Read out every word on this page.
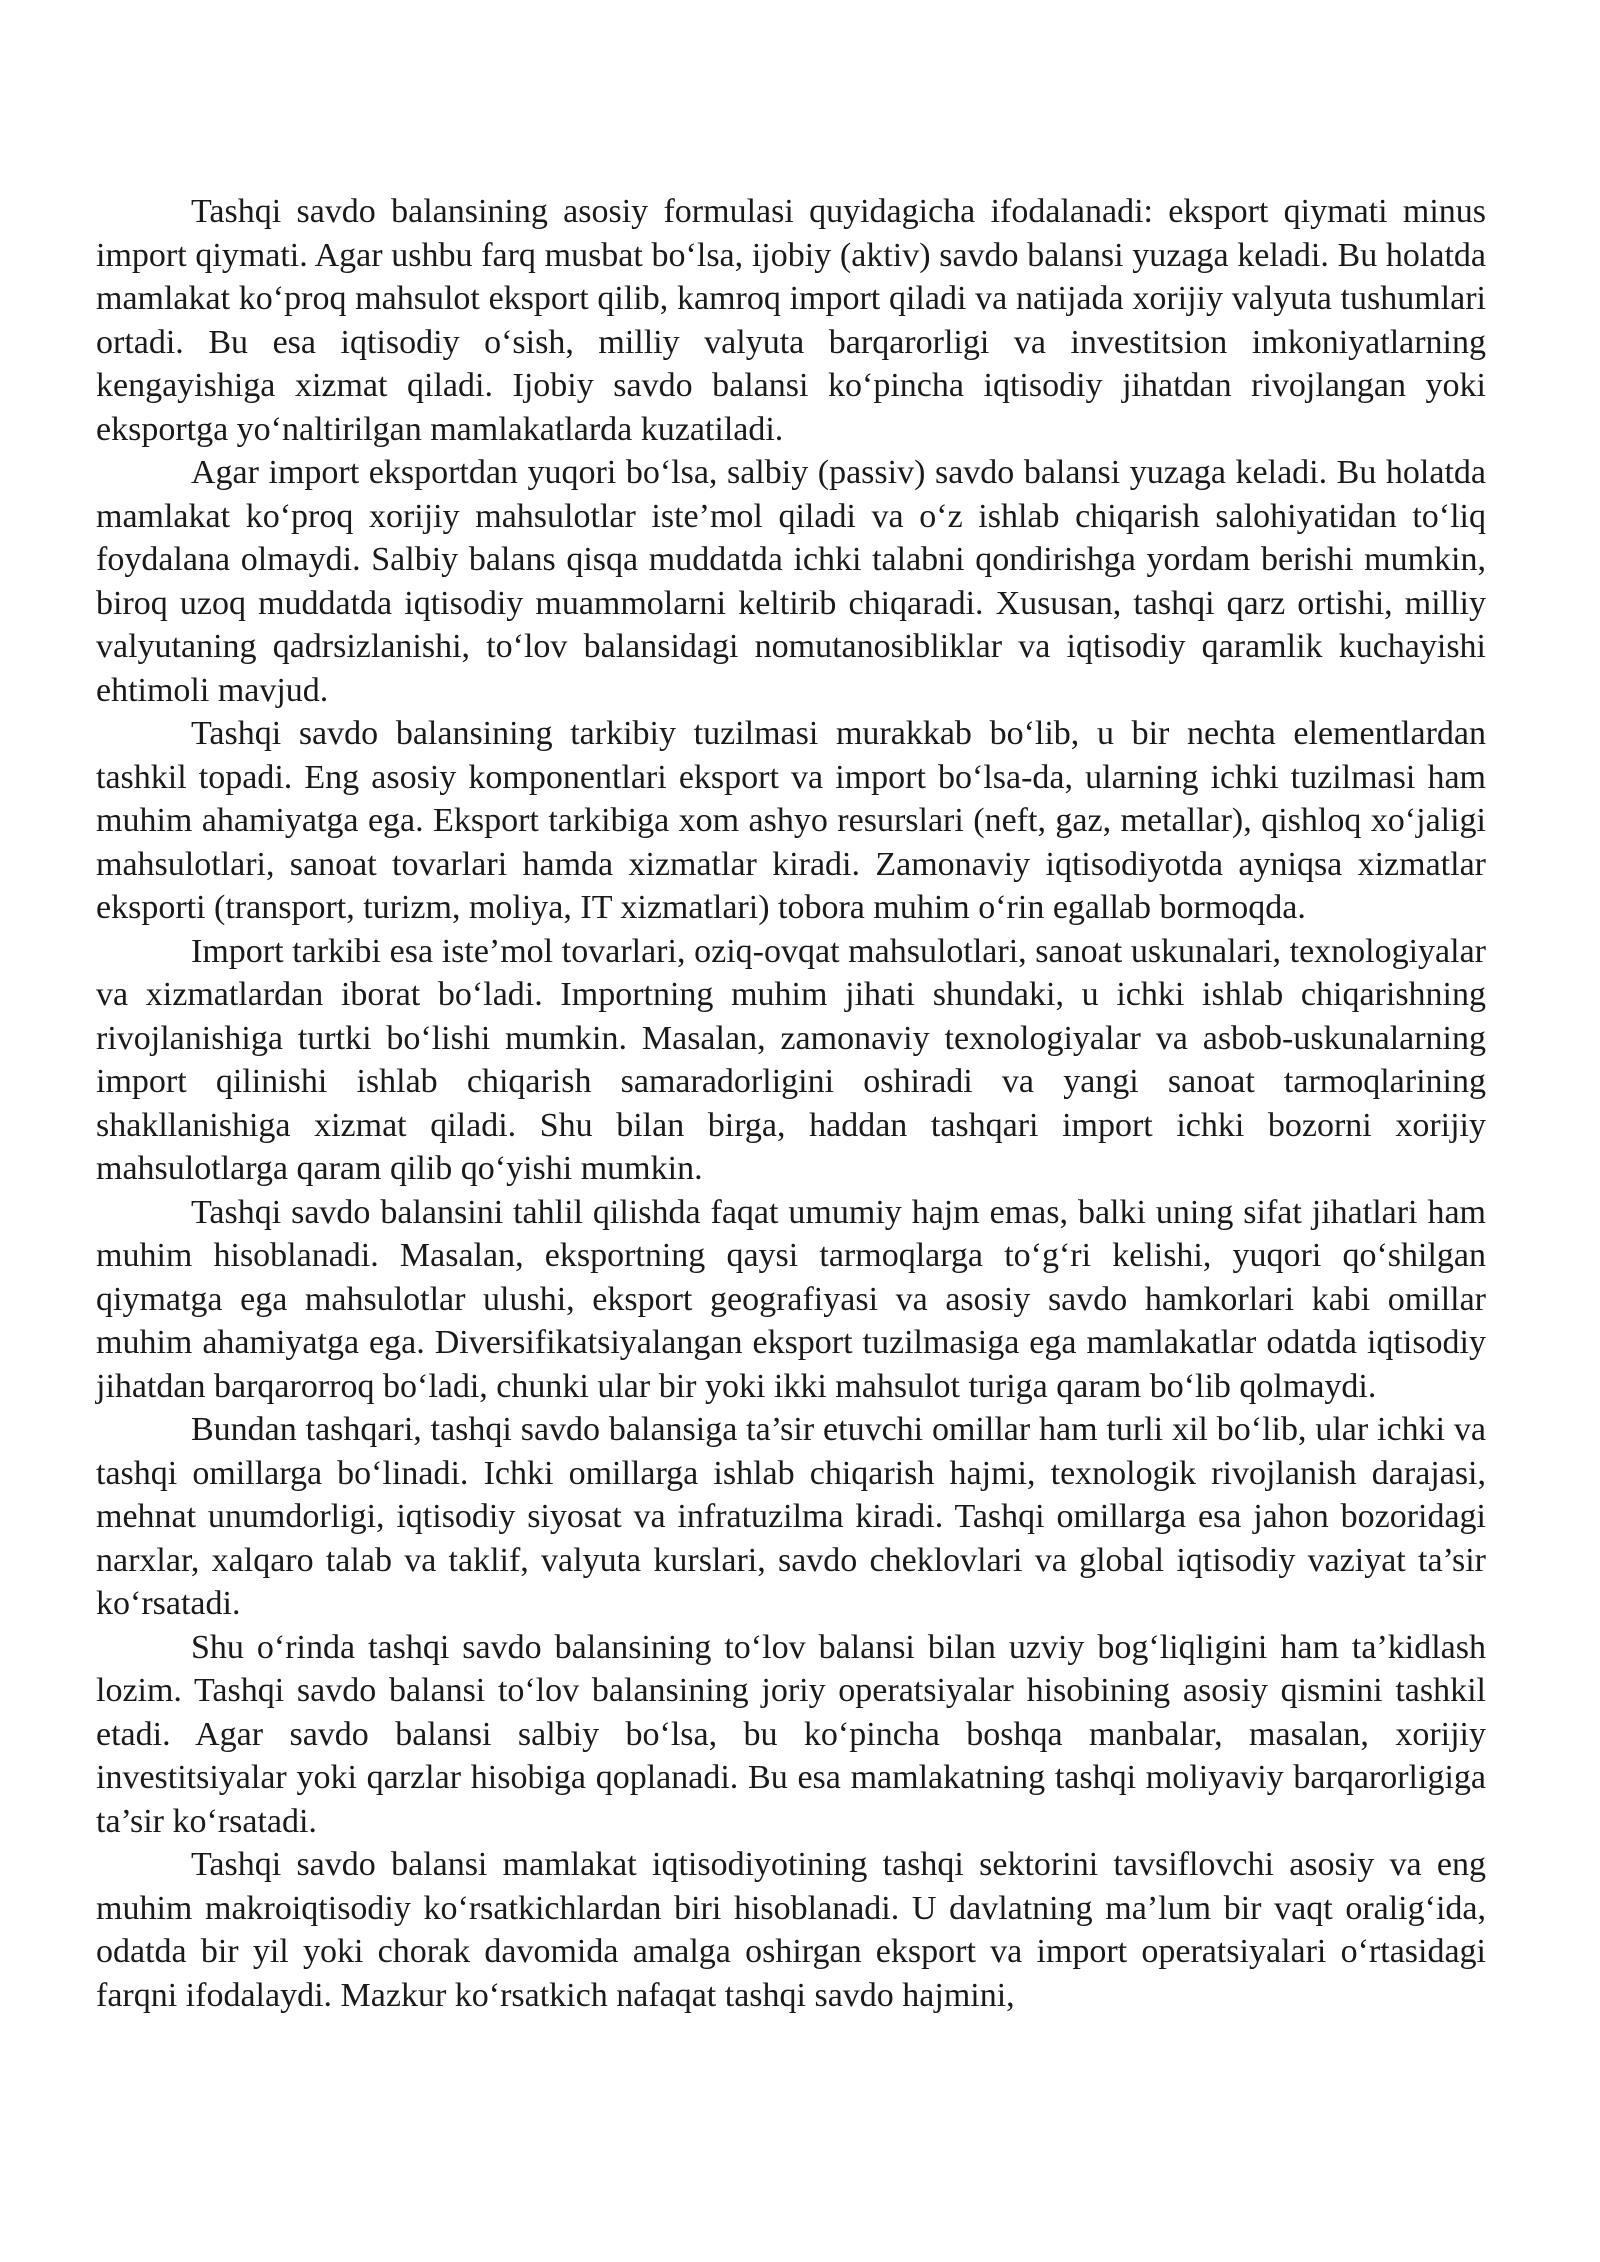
Tashqi savdo balansining asosiy formulasi quyidagicha ifodalanadi: eksport qiymati minus import qiymati. Agar ushbu farq musbat bo‘lsa, ijobiy (aktiv) savdo balansi yuzaga keladi. Bu holatda mamlakat ko‘proq mahsulot eksport qilib, kamroq import qiladi va natijada xorijiy valyuta tushumlari ortadi. Bu esa iqtisodiy o‘sish, milliy valyuta barqarorligi va investitsion imkoniyatlarning kengayishiga xizmat qiladi. Ijobiy savdo balansi ko‘pincha iqtisodiy jihatdan rivojlangan yoki eksportga yo‘naltirilgan mamlakatlarda kuzatiladi.

Agar import eksportdan yuqori bo‘lsa, salbiy (passiv) savdo balansi yuzaga keladi. Bu holatda mamlakat ko‘proq xorijiy mahsulotlar iste’mol qiladi va o‘z ishlab chiqarish salohiyatidan to‘liq foydalana olmaydi. Salbiy balans qisqa muddatda ichki talabni qondirishga yordam berishi mumkin, biroq uzoq muddatda iqtisodiy muammolarni keltirib chiqaradi. Xususan, tashqi qarz ortishi, milliy valyutaning qadrsizlanishi, to‘lov balansidagi nomutanosibliklar va iqtisodiy qaramlik kuchayishi ehtimoli mavjud.

Tashqi savdo balansining tarkibiy tuzilmasi murakkab bo‘lib, u bir nechta elementlardan tashkil topadi. Eng asosiy komponentlari eksport va import bo‘lsa-da, ularning ichki tuzilmasi ham muhim ahamiyatga ega. Eksport tarkibiga xom ashyo resurslari (neft, gaz, metallar), qishloq xo‘jaligi mahsulotlari, sanoat tovarlari hamda xizmatlar kiradi. Zamonaviy iqtisodiyotda ayniqsa xizmatlar eksporti (transport, turizm, moliya, IT xizmatlari) tobora muhim o‘rin egallab bormoqda.

Import tarkibi esa iste’mol tovarlari, oziq-ovqat mahsulotlari, sanoat uskunalari, texnologiyalar va xizmatlardan iborat bo‘ladi. Importning muhim jihati shundaki, u ichki ishlab chiqarishning rivojlanishiga turtki bo‘lishi mumkin. Masalan, zamonaviy texnologiyalar va asbob-uskunalarning import qilinishi ishlab chiqarish samaradorligini oshiradi va yangi sanoat tarmoqlarining shakllanishiga xizmat qiladi. Shu bilan birga, haddan tashqari import ichki bozorni xorijiy mahsulotlarga qaram qilib qo‘yishi mumkin.

Tashqi savdo balansini tahlil qilishda faqat umumiy hajm emas, balki uning sifat jihatlari ham muhim hisoblanadi. Masalan, eksportning qaysi tarmoqlarga to‘g‘ri kelishi, yuqori qo‘shilgan qiymatga ega mahsulotlar ulushi, eksport geografiyasi va asosiy savdo hamkorlari kabi omillar muhim ahamiyatga ega. Diversifikatsiyalangan eksport tuzilmasiga ega mamlakatlar odatda iqtisodiy jihatdan barqarorroq bo‘ladi, chunki ular bir yoki ikki mahsulot turiga qaram bo‘lib qolmaydi.

Bundan tashqari, tashqi savdo balansiga ta’sir etuvchi omillar ham turli xil bo‘lib, ular ichki va tashqi omillarga bo‘linadi. Ichki omillarga ishlab chiqarish hajmi, texnologik rivojlanish darajasi, mehnat unumdorligi, iqtisodiy siyosat va infratuzilma kiradi. Tashqi omillarga esa jahon bozoridagi narxlar, xalqaro talab va taklif, valyuta kurslari, savdo cheklovlari va global iqtisodiy vaziyat ta’sir ko‘rsatadi.

Shu o‘rinda tashqi savdo balansining to‘lov balansi bilan uzviy bog‘liqligini ham ta’kidlash lozim. Tashqi savdo balansi to‘lov balansining joriy operatsiyalar hisobining asosiy qismini tashkil etadi. Agar savdo balansi salbiy bo‘lsa, bu ko‘pincha boshqa manbalar, masalan, xorijiy investitsiyalar yoki qarzlar hisobiga qoplanadi. Bu esa mamlakatning tashqi moliyaviy barqarorligiga ta’sir ko‘rsatadi.

Tashqi savdo balansi mamlakat iqtisodiyotining tashqi sektorini tavsiflovchi asosiy va eng muhim makroiqtisodiy ko‘rsatkichlardan biri hisoblanadi. U davlatning ma’lum bir vaqt oralig‘ida, odatda bir yil yoki chorak davomida amalga oshirgan eksport va import operatsiyalari o‘rtasidagi farqni ifodalaydi. Mazkur ko‘rsatkich nafaqat tashqi savdo hajmini,
